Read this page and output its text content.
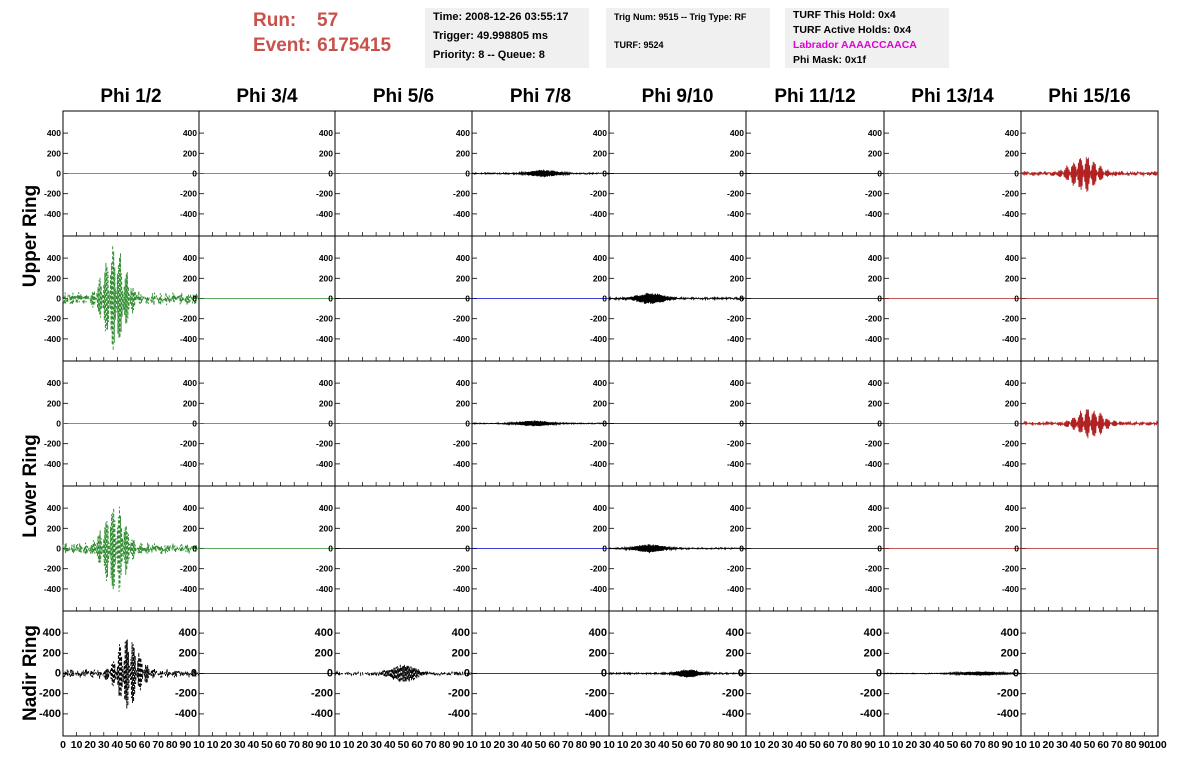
Run: 57
Event: 6175415
Time: 2008-12-26 03:55:17
Trigger: 49.998805 ms
Priority: 8 -- Queue: 8
Trig Num: 9515 -- Trig Type: RF
TURF: 9524
TURF This Hold: 0x4
TURF Active Holds: 0x4
Labrador AAAACCAACA
Phi Mask: 0x1f
Phi 1/2	Phi 3/4	Phi 5/6	Phi 7/8	Phi 9/10	Phi 11/12	Phi 13/14	Phi 15/16
Upper Ring
Lower Ring
Nadir Ring
400
200
0
-200
-400
400
200
0
-200
-400
400
200
0
-200
-400
400
200
0
-200
-400
400
200
0
-200
-400
400
200
0
-200
-400
400
200
0
-200
-400
400
200
0
-200
-400
400
200
0
-200
-400
400
200
0
-200
-400
400
200
0
-200
-400
400
200
0
-200
-400
400
200
0
-200
-400
400
200
0
-200
-400
400
200
0
-200
-400
400
200
0
-200
-400
400
200
0
-200
-400
400
200
0
-200
-400
400
200
0
-200
-400
400
200
0
-200
-400
400
200
0
-200
-400
400
200
0
-200
-400
400
200
0
-200
-400
400
200
0
-200
-400
400
200
0
-200
-400
400
200
0
-200
-400
400
200
0
-200
-400
400
200
0
-200
-400
400
200
0
-200
-400
400
200
0
-200
-400
400
200
0
-200
-400
400
200
0
-200
-400
400
200
0
-200
-400
400
200
0
-200
-400
400
200
0
-200
-400
400
200
0
-200
-400
400
200
0
-200
-400
400
200
0
-200
-400
400
200
0
-200
-400
400
200
0
-200
-400
0 10 20 30 40 50 60 70 80 90 10 10 20 30 40 50 60 70 80 90 10 10 20 30 40 50 60 70 80 90 10 10 20 30 40 50 60 70 80 90 10 10 20 30 40 50 60 70 80 90 10 10 20 30 40 50 60 70 80 90 10 10 20 30 40 50 60 70 80 90 10 10 20 30 40 50 60 70 80 90 100
